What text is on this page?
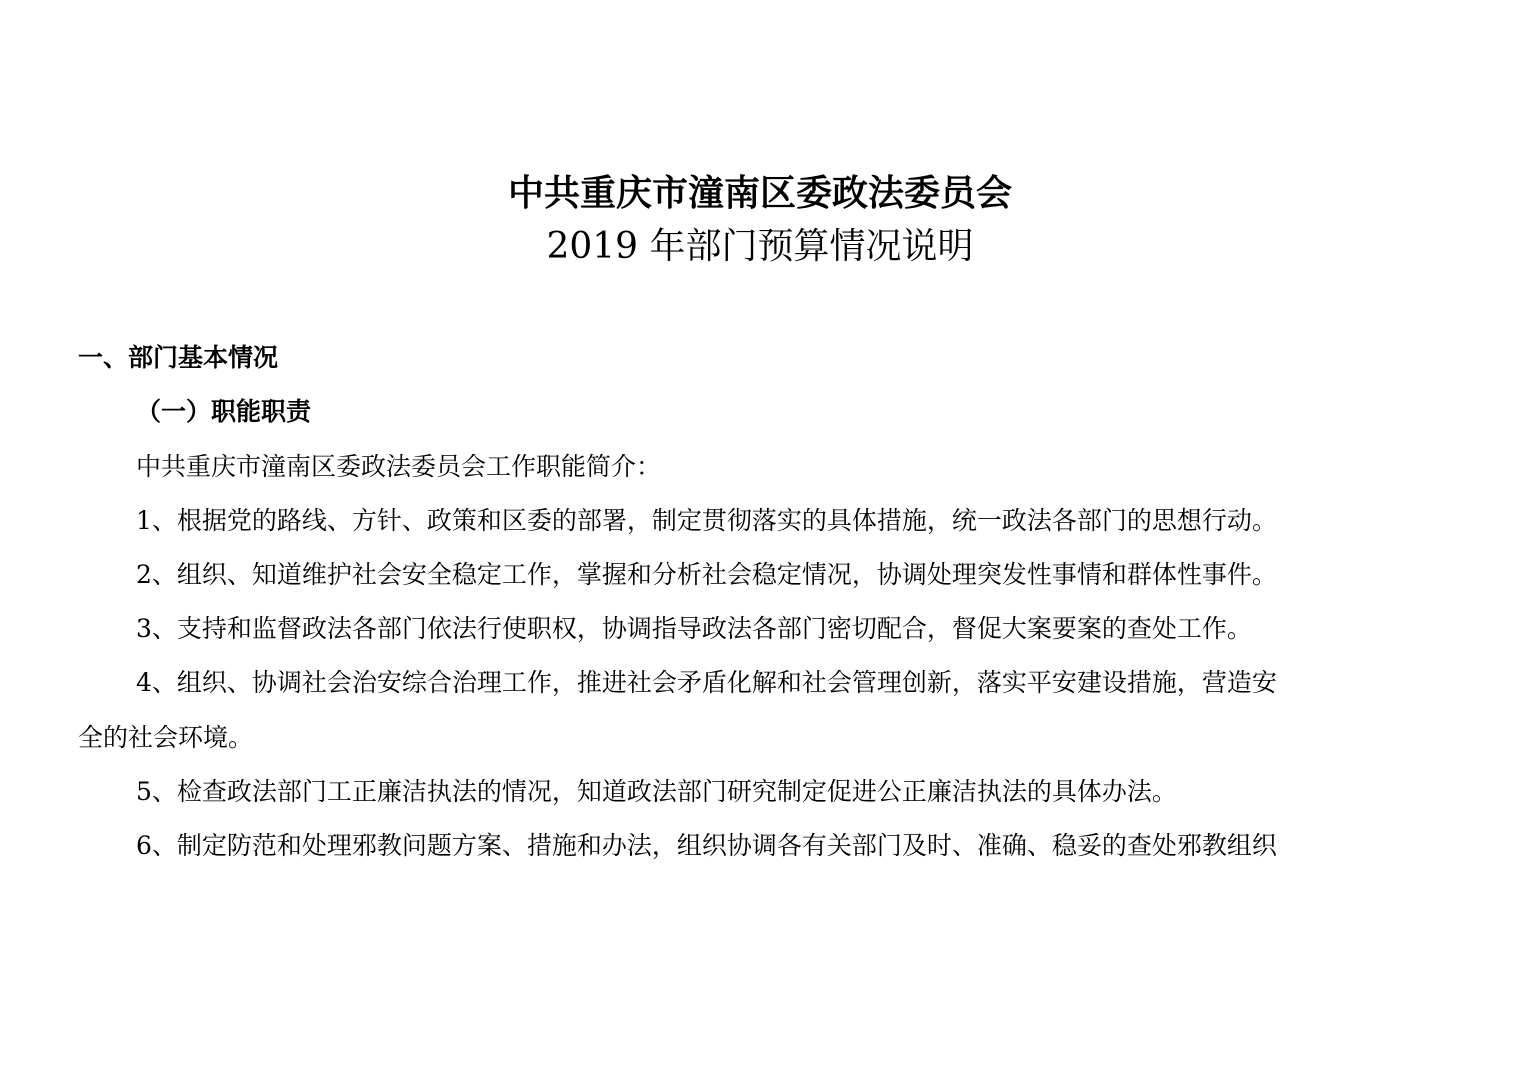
中共重庆市潼南区委政法委员会
2019 年部门预算情况说明
一、部门基本情况
（一）职能职责
中共重庆市潼南区委政法委员会工作职能简介：
1、根据党的路线、方针、政策和区委的部署，制定贯彻落实的具体措施，统一政法各部门的思想行动。
2、组织、知道维护社会安全稳定工作，掌握和分析社会稳定情况，协调处理突发性事情和群体性事件。
3、支持和监督政法各部门依法行使职权，协调指导政法各部门密切配合，督促大案要案的查处工作。
4、组织、协调社会治安综合治理工作，推进社会矛盾化解和社会管理创新，落实平安建设措施，营造安
全的社会环境。
5、检查政法部门工正廉洁执法的情况，知道政法部门研究制定促进公正廉洁执法的具体办法。
6、制定防范和处理邪教问题方案、措施和办法，组织协调各有关部门及时、准确、稳妥的查处邪教组织
